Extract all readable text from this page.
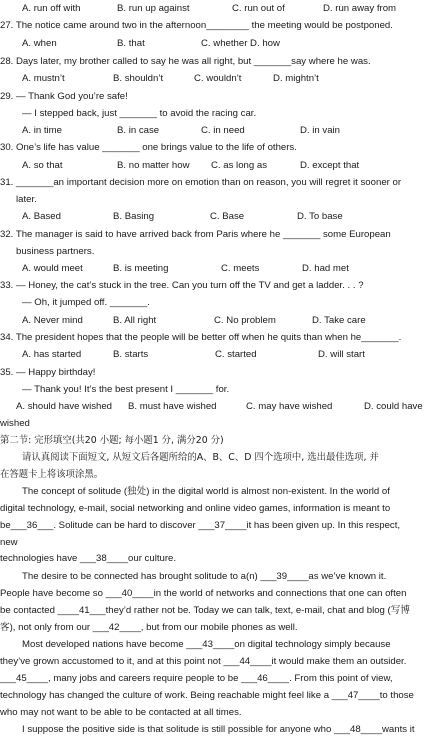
A. run off with	B. run up against	C. run out of	D. run away from
27. The notice came around two in the afternoon________ the meeting would be postponed.
A. when	B. that	C. whether D. how
28. Days later, my brother called to say he was all right, but _______say where he was.
A. mustn’t	B. shouldn’t	C. wouldn’t	D. mightn’t
29. — Thank God you’re safe!
— I stepped back, just _______ to avoid the racing car.
A. in time	B. in case	C. in need	D. in vain
30. One’s life has value _______ one brings value to the life of others.
A. so that	B. no matter how C. as long as	D. except that
31. _______an important decision more on emotion than on reason, you will regret it sooner or
later.
A. Based	B. Basing	C. Base	D. To base
32. The manager is said to have arrived back from Paris where he _______ some European
business partners.
A. would meet	B. is meeting	C. meets	D. had met
33. — Honey, the cat’s stuck in the tree. Can you turn off the TV and get a ladder. . . ?
— Oh, it jumped off. _______.
A. Never mind	B. All right	C. No problem	D. Take care
34. The president hopes that the people will be better off when he quits than when he_______.
A. has started	B. starts	C. started	D. will start
35. — Happy birthday!
— Thank you! It’s the best present I _______ for.
A. should have wished B. must have wished	C. may have wished	D. could have
wished
第二节: 完形填空(共20 小题; 每小题1 分, 满分20 分)
请认真阅读下面短文, 从短文后各题所给的A、B、C、D 四个选项中, 选出最佳选项, 并
在答题卡上将该项涂黑。
The concept of solitude (独处) in the digital world is almost non-existent. In the world of
digital technology, e-mail, social networking and online video games, information is meant to
be___36___. Solitude can be hard to discover ___37____it has been given up. In this respect,
new
technologies have ___38____our culture.
The desire to be connected has brought solitude to a(n) ___39____as we’ve known it.
People have become so ___40____in the world of networks and connections that one can often
be contacted ____41___they’d rather not be. Today we can talk, text, e-mail, chat and blog (写博
客), not only from our ___42____, but from our mobile phones as well.
Most developed nations have become ___43____on digital technology simply because
they’ve grown accustomed to it, and at this point not ___44____it would make them an outsider.
___45____, many jobs and careers require people to be ___46____. From this point of view,
technology has changed the culture of work. Being reachable might feel like a ___47____to those
who may not want to be able to be contacted at all times.
I suppose the positive side is that solitude is still possible for anyone who ___48____wants it
